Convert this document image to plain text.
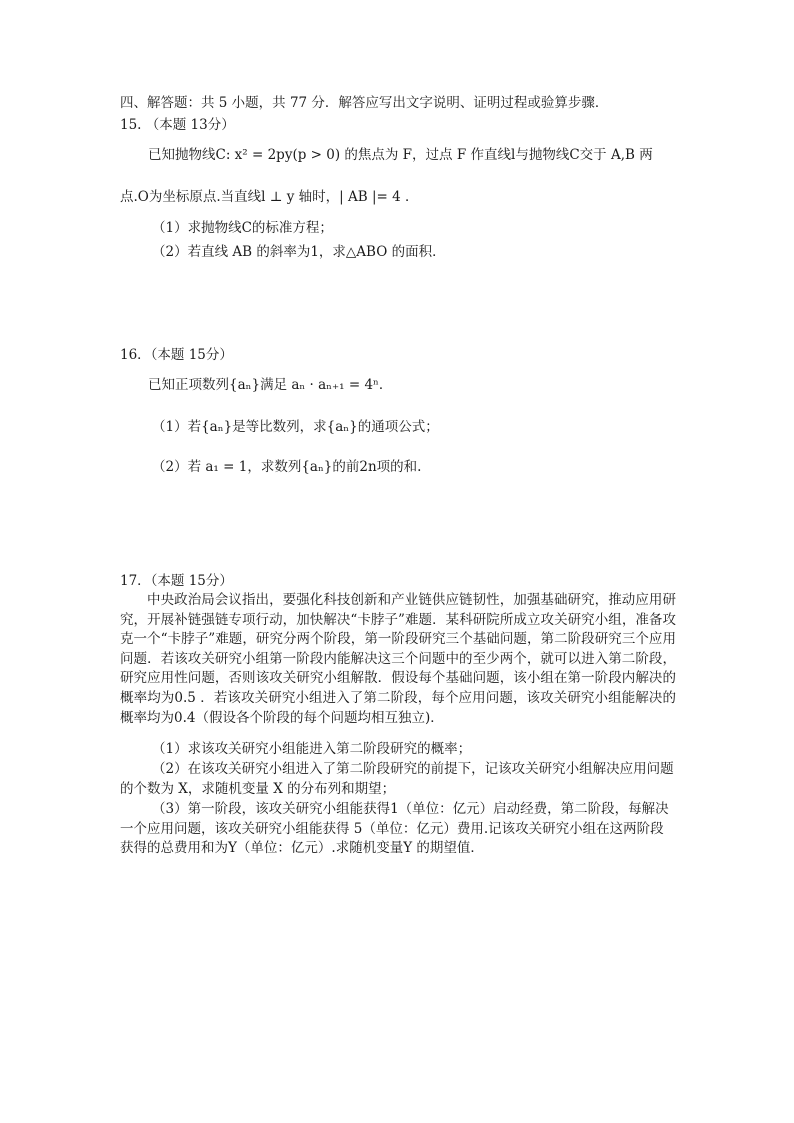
四、解答题：共 5 小题，共 77 分．解答应写出文字说明、证明过程或验算步骤．
15. （本题 13分）
已知抛物线C: x² = 2py(p > 0) 的焦点为 F，过点 F 作直线l与抛物线C交于 A,B 两
点.O为坐标原点.当直线l ⊥ y 轴时，| AB |= 4 ．
（1）求抛物线C的标准方程；
（2）若直线 AB 的斜率为1，求△ABO 的面积．
16．（本题 15分）
已知正项数列{aₙ}满足 aₙ · aₙ₊₁ = 4ⁿ．
（1）若{aₙ}是等比数列，求{aₙ}的通项公式；
（2）若 a₁ = 1，求数列{aₙ}的前2n项的和.
17．（本题 15分）

中央政治局会议指出，要强化科技创新和产业链供应链韧性，加强基础研究，推动应用研究，开展补链强链专项行动，加快解决“卡脖子”难题．某科研院所成立攻关研究小组，准备攻克一个“卡脖子”难题，研究分两个阶段，第一阶段研究三个基础问题，第二阶段研究三个应用问题．若该攻关研究小组第一阶段内能解决这三个问题中的至少两个，就可以进入第二阶段，研究应用性问题，否则该攻关研究小组解散．假设每个基础问题，该小组在第一阶段内解决的概率均为0.5 ．若该攻关研究小组进入了第二阶段，每个应用问题，该攻关研究小组能解决的概率均为0.4（假设各个阶段的每个问题均相互独立)．

（1）求该攻关研究小组能进入第二阶段研究的概率；

（2）在该攻关研究小组进入了第二阶段研究的前提下，记该攻关研究小组解决应用问题的个数为 X，求随机变量 X 的分布列和期望；

（3）第一阶段，该攻关研究小组能获得1（单位：亿元）启动经费，第二阶段，每解决一个应用问题，该攻关研究小组能获得 5（单位：亿元）费用.记该攻关研究小组在这两阶段获得的总费用和为Y（单位：亿元）.求随机变量Y 的期望值．
